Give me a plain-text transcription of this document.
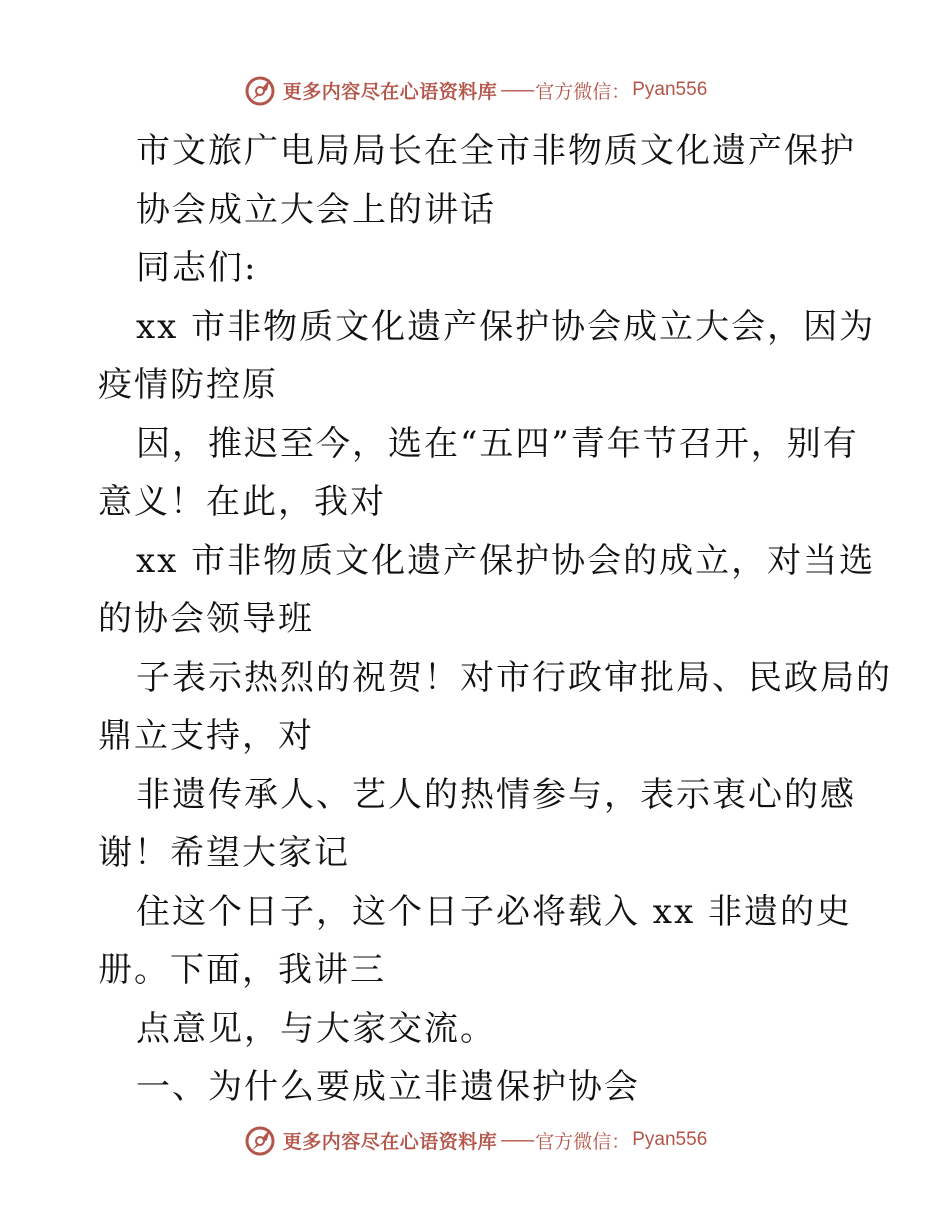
更多内容尽在心语资料库 —— 官方微信： Pyan556
市文旅广电局局长在全市非物质文化遗产保护
协会成立大会上的讲话
同志们:
xx 市非物质文化遗产保护协会成立大会，因为
疫情防控原
因，推迟至今，选在“五四”青年节召开，别有
意义！在此，我对
xx 市非物质文化遗产保护协会的成立，对当选
的协会领导班
子表示热烈的祝贺！对市行政审批局、民政局的
鼎立支持，对
非遗传承人、艺人的热情参与，表示衷心的感
谢！希望大家记
住这个日子，这个日子必将载入 xx 非遗的史
册。下面，我讲三
点意见，与大家交流。
一、为什么要成立非遗保护协会
更多内容尽在心语资料库 —— 官方微信： Pyan556
